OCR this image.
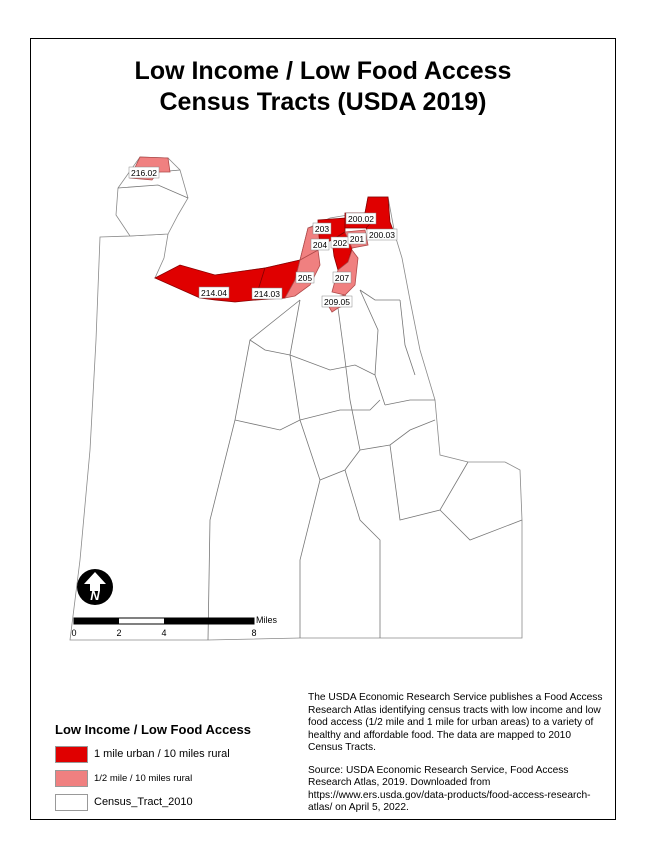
Low Income / Low Food Access
Census Tracts (USDA 2019)
216.02
203
200.02
200.03
204 202 201
205	207
214.04	214.03
209.05
N
Miles
0	2	4	8
Low Income / Low Food Access
1 mile urban / 10 miles rural
1/2 mile / 10 miles rural
Census_Tract_2010

The USDA Economic Research Service publishes a Food Access Research Atlas identifying census tracts with low income and low food access (1/2 mile and 1 mile for urban areas) to a variety of healthy and affordable food. The data are mapped to 2010 Census Tracts.

Source: USDA Economic Research Service, Food Access Research Atlas, 2019. Downloaded from https://www.ers.usda.gov/data-products/food-access-research-atlas/ on April 5, 2022.
